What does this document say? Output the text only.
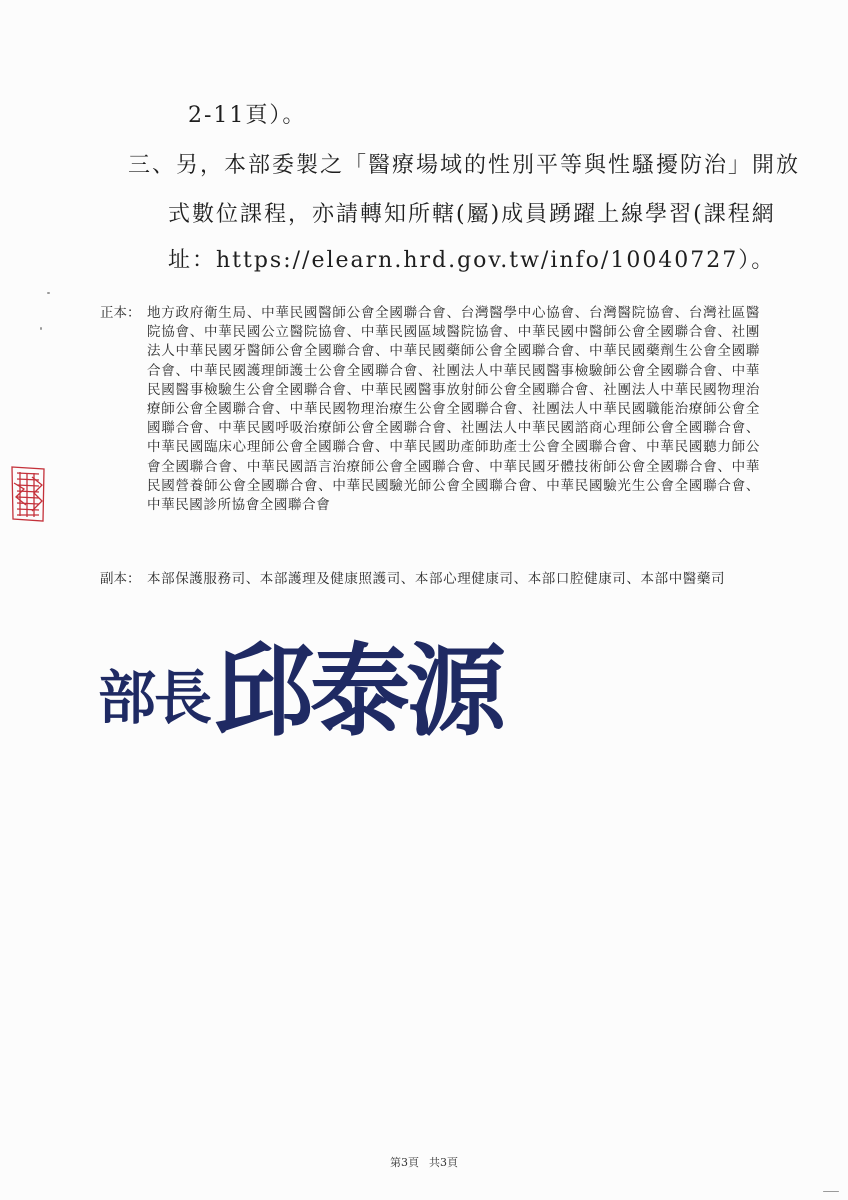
2-11頁）。
三、另，本部委製之「醫療場域的性別平等與性騷擾防治」開放
式數位課程，亦請轉知所轄(屬)成員踴躍上線學習(課程網
址：https://elearn.hrd.gov.tw/info/10040727）。
正本： 地方政府衛生局、中華民國醫師公會全國聯合會、台灣醫學中心協會、台灣醫院協會、台灣社區醫院協會、中華民國公立醫院協會、中華民國區域醫院協會、中華民國中醫師公會全國聯合會、社團法人中華民國牙醫師公會全國聯合會、中華民國藥師公會全國聯合會、中華民國藥劑生公會全國聯合會、中華民國護理師護士公會全國聯合會、社團法人中華民國醫事檢驗師公會全國聯合會、中華民國醫事檢驗生公會全國聯合會、中華民國醫事放射師公會全國聯合會、社團法人中華民國物理治療師公會全國聯合會、中華民國物理治療生公會全國聯合會、社團法人中華民國職能治療師公會全國聯合會、中華民國呼吸治療師公會全國聯合會、社團法人中華民國諮商心理師公會全國聯合會、中華民國臨床心理師公會全國聯合會、中華民國助產師助產士公會全國聯合會、中華民國聽力師公會全國聯合會、中華民國語言治療師公會全國聯合會、中華民國牙體技術師公會全國聯合會、中華民國營養師公會全國聯合會、中華民國驗光師公會全國聯合會、中華民國驗光生公會全國聯合會、中華民國診所協會全國聯合會
副本： 本部保護服務司、本部護理及健康照護司、本部心理健康司、本部口腔健康司、本部中醫藥司
部長 邱泰源
第3頁 共3頁
